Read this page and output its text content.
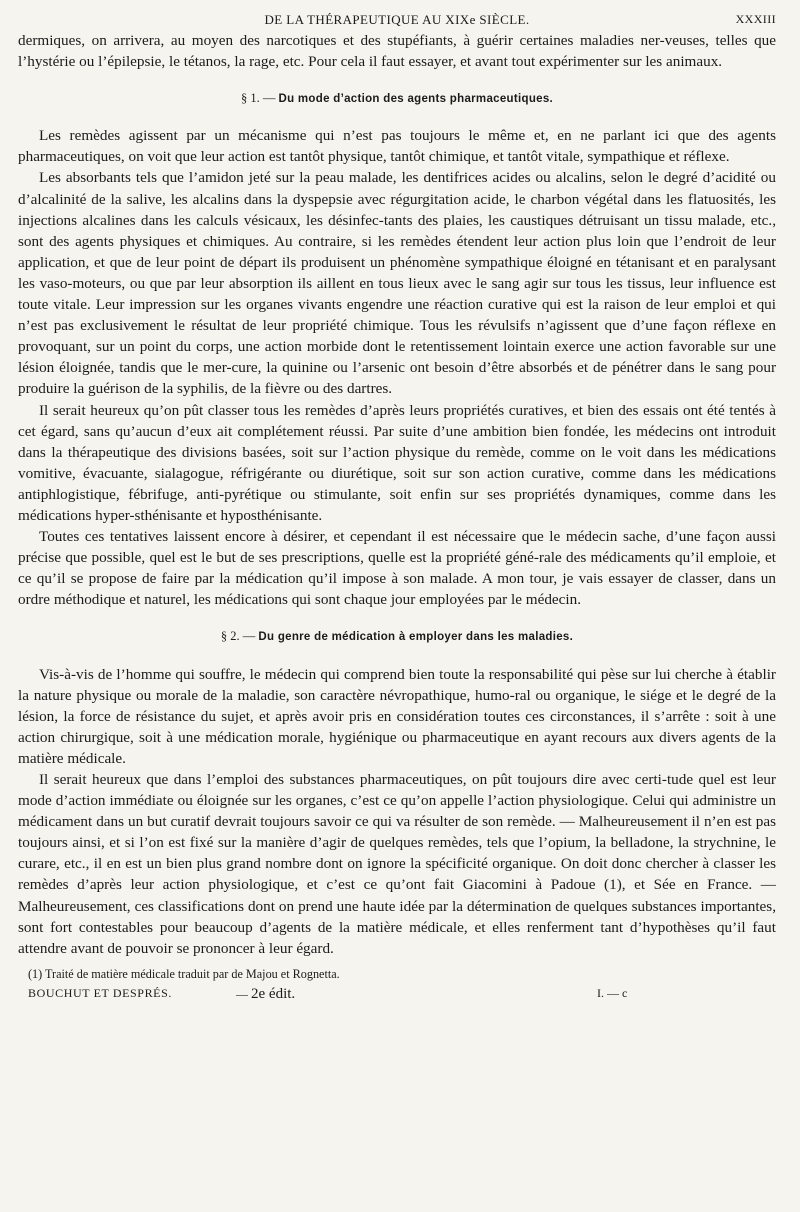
DE LA THÉRAPEUTIQUE AU XIXe SIÈCLE.	XXXIII

dermiques, on arrivera, au moyen des narcotiques et des stupéfiants, à guérir certaines maladies ner-veuses, telles que l’hystérie ou l’épilepsie, le tétanos, la rage, etc. Pour cela il faut essayer, et avant tout expérimenter sur les animaux.

§ 1. — Du mode d’action des agents pharmaceutiques.

Les remèdes agissent par un mécanisme qui n’est pas toujours le même et, en ne parlant ici que des agents pharmaceutiques, on voit que leur action est tantôt physique, tantôt chimique, et tantôt vitale, sympathique et réflexe.

Les absorbants tels que l’amidon jeté sur la peau malade, les dentifrices acides ou alcalins, selon le degré d’acidité ou d’alcalinité de la salive, les alcalins dans la dyspepsie avec régurgitation acide, le charbon végétal dans les flatuosités, les injections alcalines dans les calculs vésicaux, les désinfec-tants des plaies, les caustiques détruisant un tissu malade, etc., sont des agents physiques et chimiques. Au contraire, si les remèdes étendent leur action plus loin que l’endroit de leur application, et que de leur point de départ ils produisent un phénomène sympathique éloigné en tétanisant et en paralysant les vaso-moteurs, ou que par leur absorption ils aillent en tous lieux avec le sang agir sur tous les tissus, leur influence est toute vitale. Leur impression sur les organes vivants engendre une réaction curative qui est la raison de leur emploi et qui n’est pas exclusivement le résultat de leur propriété chimique. Tous les révulsifs n’agissent que d’une façon réflexe en provoquant, sur un point du corps, une action morbide dont le retentissement lointain exerce une action favorable sur une lésion éloignée, tandis que le mer-cure, la quinine ou l’arsenic ont besoin d’être absorbés et de pénétrer dans le sang pour produire la guérison de la syphilis, de la fièvre ou des dartres.

Il serait heureux qu’on pût classer tous les remèdes d’après leurs propriétés curatives, et bien des essais ont été tentés à cet égard, sans qu’aucun d’eux ait complétement réussi. Par suite d’une ambition bien fondée, les médecins ont introduit dans la thérapeutique des divisions basées, soit sur l’action physique du remède, comme on le voit dans les médications vomitive, évacuante, sialagogue, réfrigérante ou diurétique, soit sur son action curative, comme dans les médications antiphlogistique, fébrifuge, anti-pyrétique ou stimulante, soit enfin sur ses propriétés dynamiques, comme dans les médications hyper-sthénisante et hyposthénisante.

Toutes ces tentatives laissent encore à désirer, et cependant il est nécessaire que le médecin sache, d’une façon aussi précise que possible, quel est le but de ses prescriptions, quelle est la propriété géné-rale des médicaments qu’il emploie, et ce qu’il se propose de faire par la médication qu’il impose à son malade. A mon tour, je vais essayer de classer, dans un ordre méthodique et naturel, les médications qui sont chaque jour employées par le médecin.

§ 2. — Du genre de médication à employer dans les maladies.

Vis-à-vis de l’homme qui souffre, le médecin qui comprend bien toute la responsabilité qui pèse sur lui cherche à établir la nature physique ou morale de la maladie, son caractère névropathique, humo-ral ou organique, le siége et le degré de la lésion, la force de résistance du sujet, et après avoir pris en considération toutes ces circonstances, il s’arrête : soit à une action chirurgique, soit à une médication morale, hygiénique ou pharmaceutique en ayant recours aux divers agents de la matière médicale.

Il serait heureux que dans l’emploi des substances pharmaceutiques, on pût toujours dire avec certi-tude quel est leur mode d’action immédiate ou éloignée sur les organes, c’est ce qu’on appelle l’action physiologique. Celui qui administre un médicament dans un but curatif devrait toujours savoir ce qui va résulter de son remède. — Malheureusement il n’en est pas toujours ainsi, et si l’on est fixé sur la manière d’agir de quelques remèdes, tels que l’opium, la belladone, la strychnine, le curare, etc., il en est un bien plus grand nombre dont on ignore la spécificité organique. On doit donc chercher à classer les remèdes d’après leur action physiologique, et c’est ce qu’ont fait Giacomini à Padoue (1), et Sée en France. — Malheureusement, ces classifications dont on prend une haute idée par la détermination de quelques substances importantes, sont fort contestables pour beaucoup d’agents de la matière médicale, et elles renferment tant d’hypothèses qu’il faut attendre avant de pouvoir se prononcer à leur égard.

(1) Traité de matière médicale traduit par de Majou et Rognetta.
BOUCHUT ET DESPRÉS.	— 2e édit.	I. — c
